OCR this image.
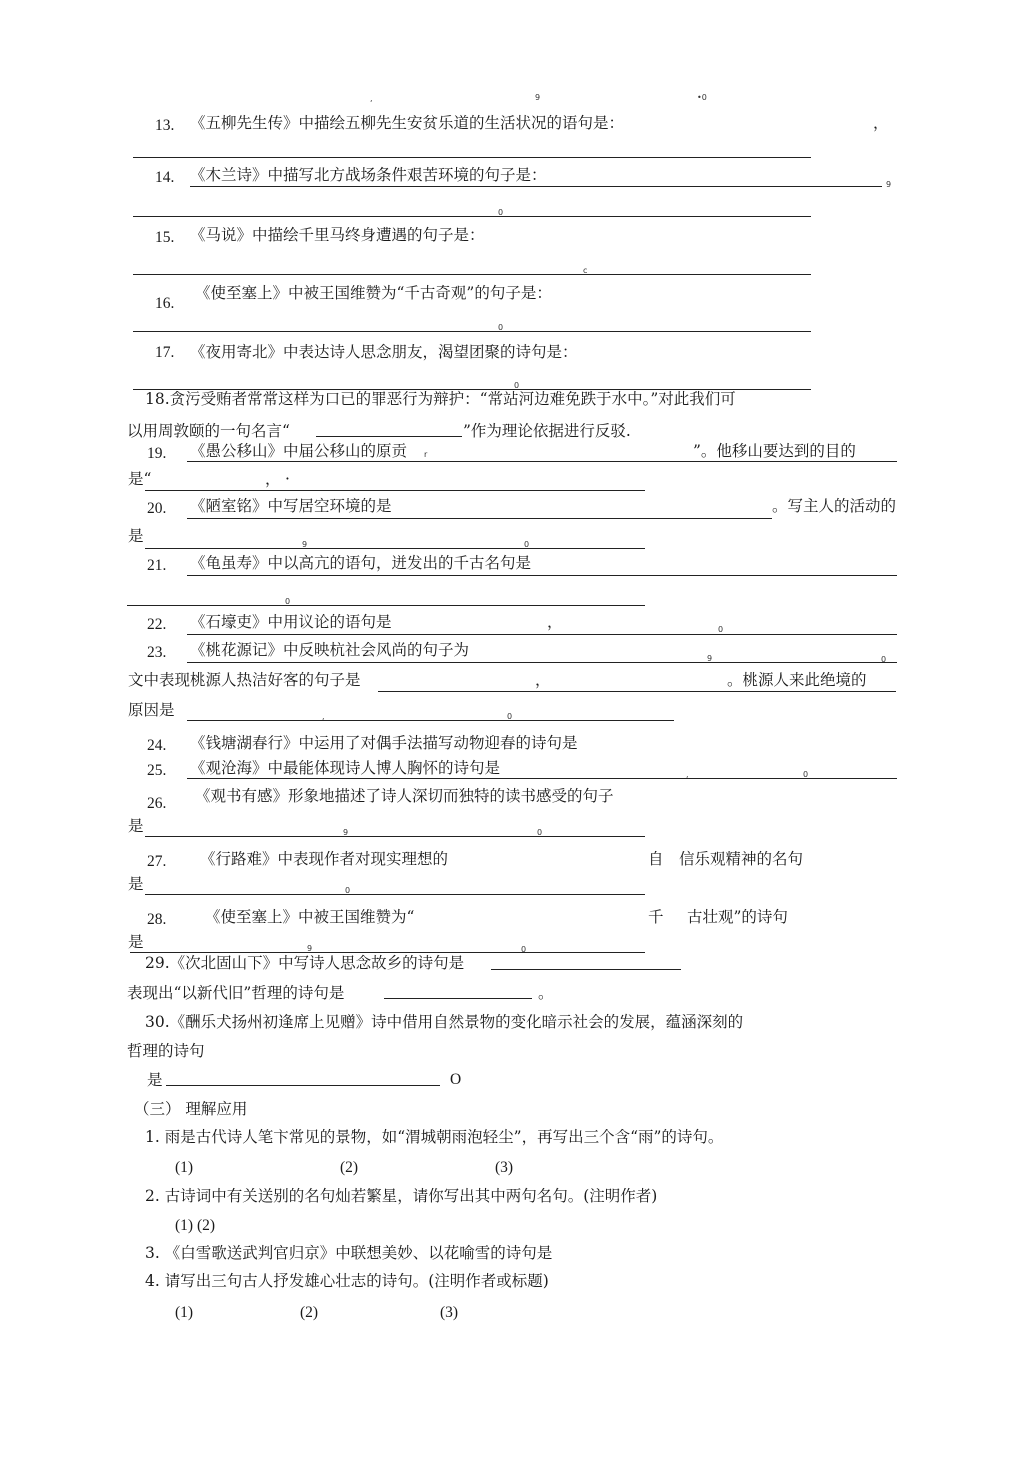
,	9	•0
13. 《五柳先生传》中描绘五柳先生安贫乐道的生活状况的语句是：	，
14. 《木兰诗》中描写北方战场条件艰苦环境的句子是：
9
0
15. 《马说》中描绘千里马终身遭遇的句子是：
c
16.
《使至塞上》中被王国维赞为“千古奇观”的句子是：
0
17. 《夜用寄北》中表达诗人思念朋友，渴望团聚的诗句是：
0
18.贪污受贿者常常这样为口已的罪恶行为辩护：“常站河边难免跌于水中。”对此我们可
以用周敦颐的一句名言“	”作为理论依据进行反驳.
19. 《愚公移山》中届公移山的原贡 r	”。他移山要达到的目的
是“	， ·
20. 《陋室铭》中写居空环境的是	。写主人的活动的
是	9	0
21. 《龟虽寿》中以高亢的语句，迸发出的千古名句是
0
22. 《石壕吏》中用议论的语句是	，	0
23. 《桃花源记》中反映杭社会风尚的句子为	9	0
文中表现桃源人热洁好客的句子是	，	。桃源人来此绝境的
原因是	,	0
24. 《钱塘湖春行》中运用了对偶手法描写动物迎春的诗句是
25. 《观沧海》中最能体现诗人博人胸怀的诗句是	,	0
26. 《观书有感》形象地描述了诗人深切而独特的读书感受的句子
是	9	0
27. 《行路难》中表现作者对现实理想的	自　信乐观精神的名句
是	0
28. 《使至塞上》中被王国维赞为“	千 古壮观”的诗句
是	9	0
29.《次北固山下》中写诗人思念故乡的诗句是
表现出“以新代旧”哲理的诗句是	。
30.《酬乐犬扬州初逢席上见赠》诗中借用自然景物的变化暗示社会的发展，蕴涵深刻的
哲理的诗句
是	O
（三） 理解应用
1. 雨是古代诗人笔卞常见的景物，如“渭城朝雨泡轻尘”，再写出三个含“雨”的诗句。
(1)	(2)	(3)
2. 古诗词中有关送别的名句灿若繁星，请你写出其中两句名句。(注明作者)
(1) (2)
3. 《白雪歌送武判官归京》中联想美妙、以花喻雪的诗句是
4. 请写出三句古人抒发雄心壮志的诗句。(注明作者或标题)
(1)	(2)	(3)
